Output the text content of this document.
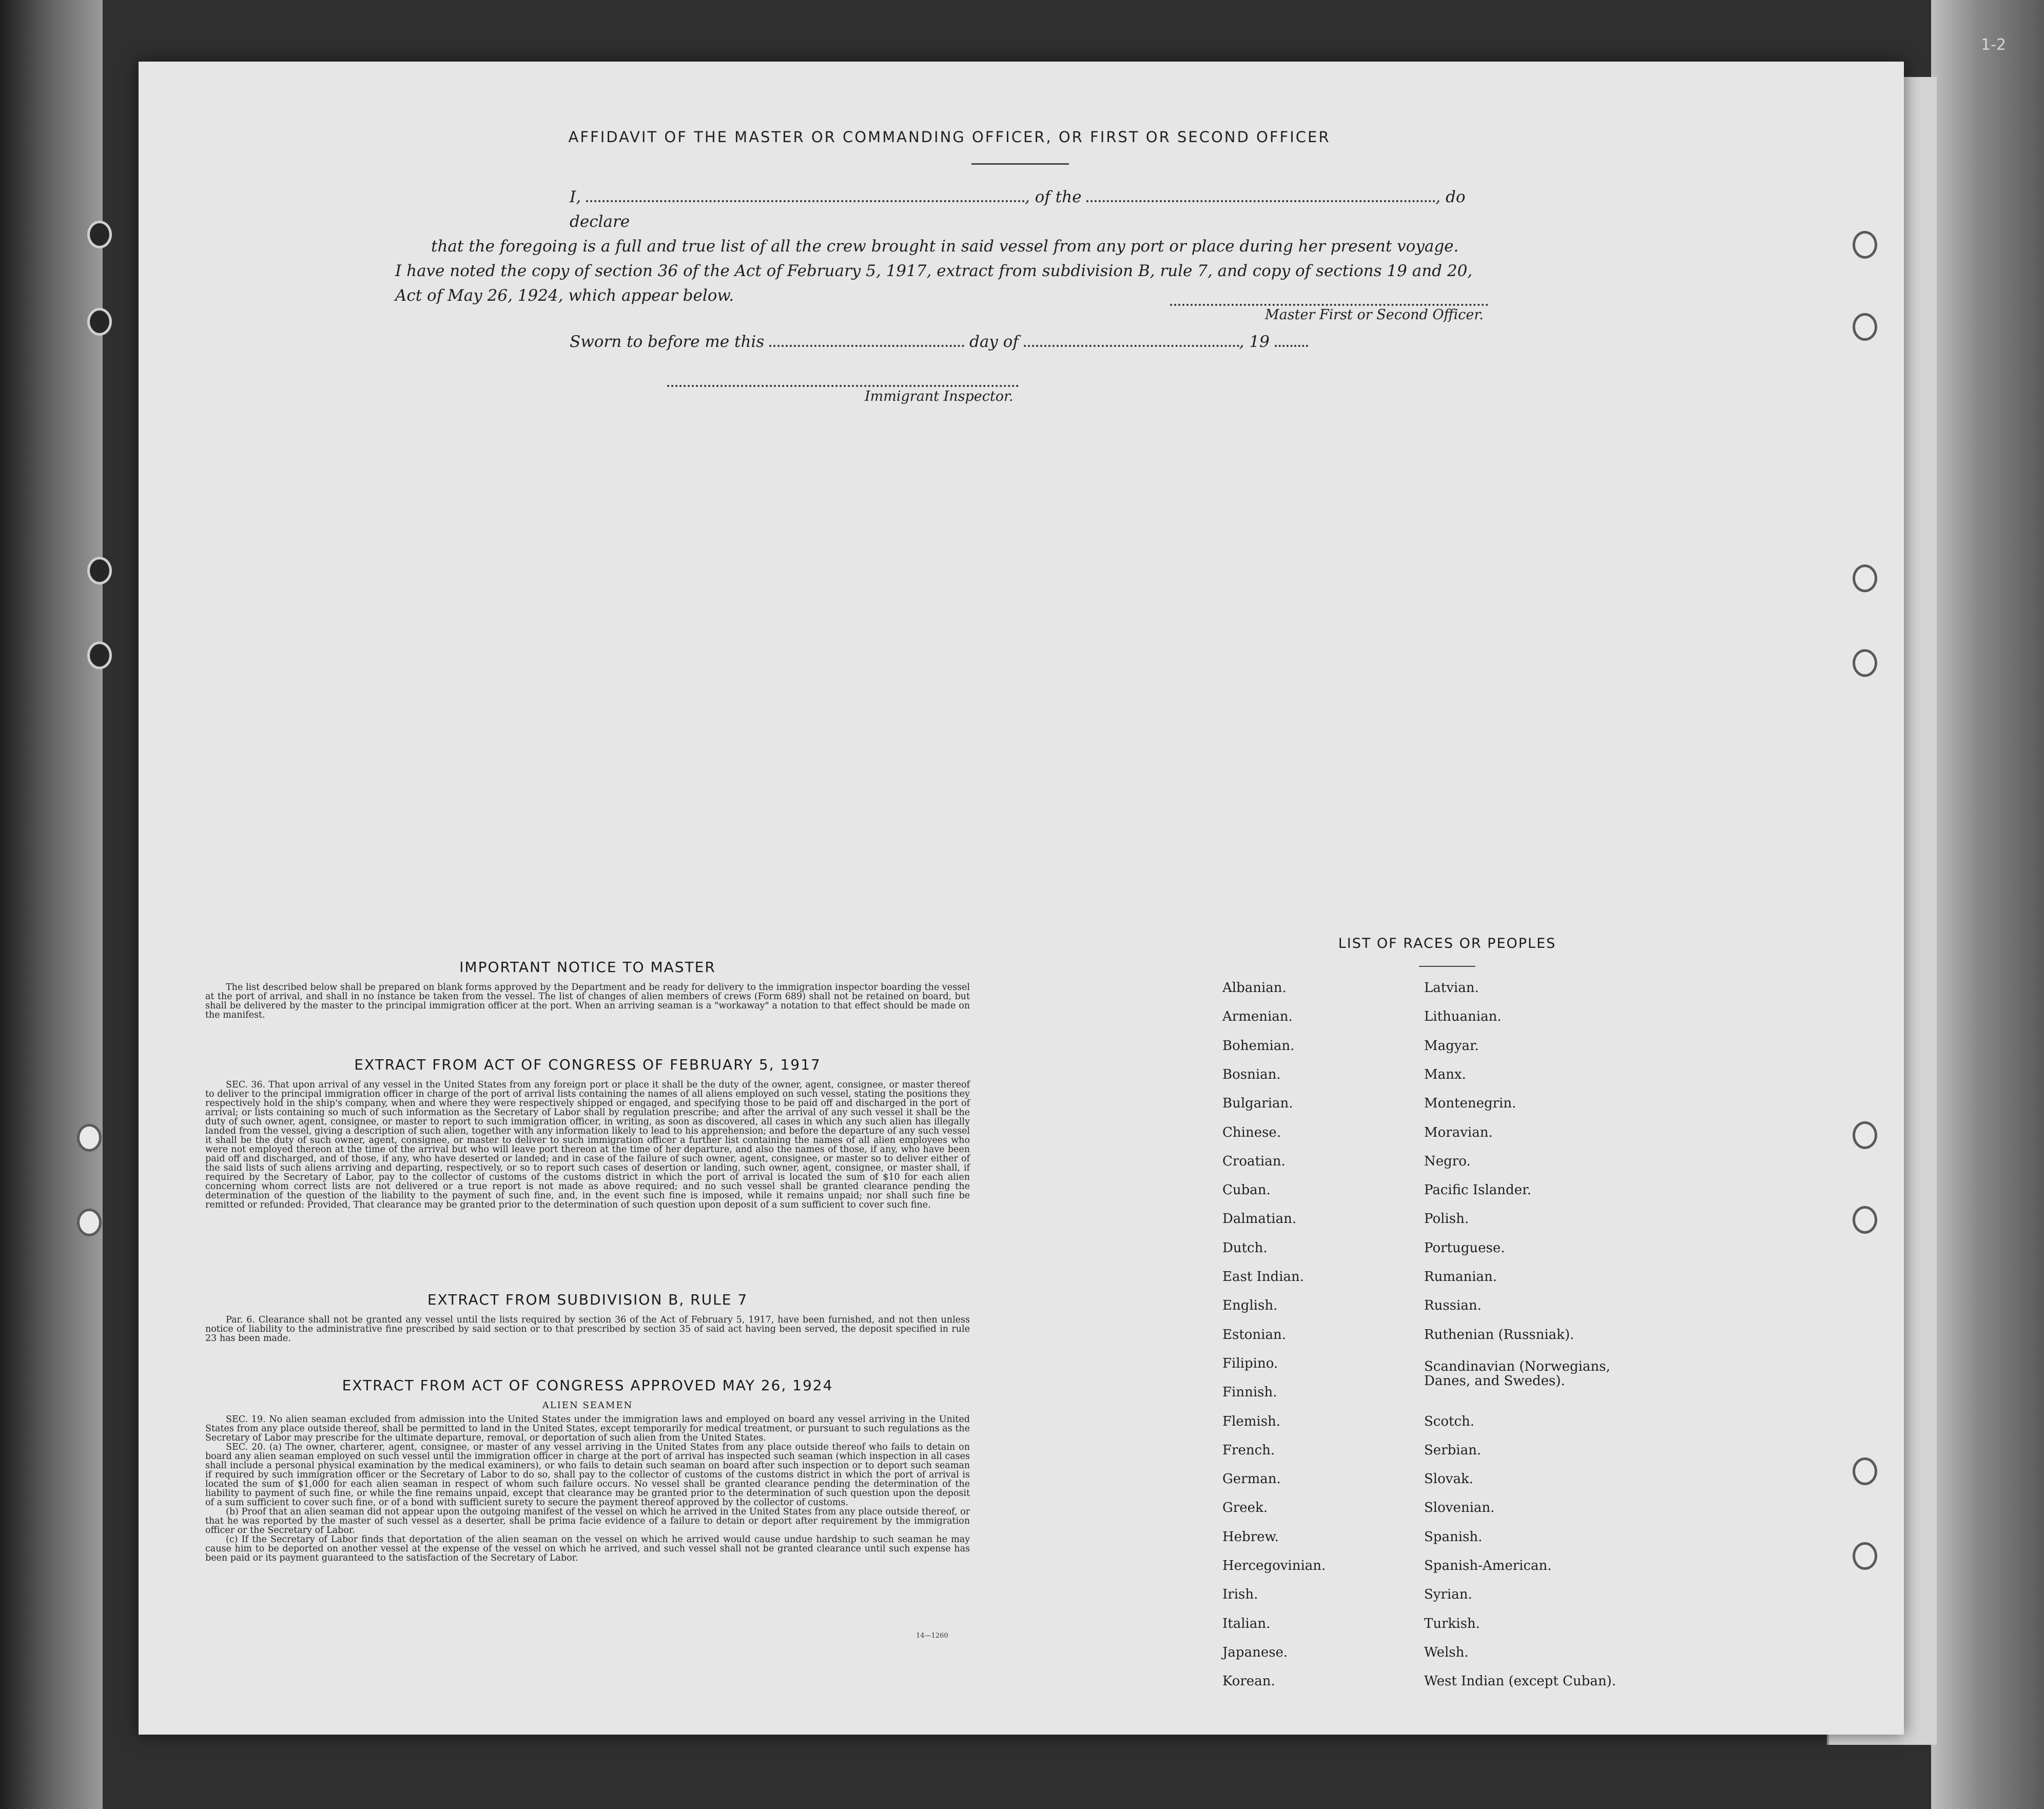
1-2
AFFIDAVIT OF THE MASTER OR COMMANDING OFFICER, OR FIRST OR SECOND OFFICER
I,	, of the	, do declare
that the foregoing is a full and true list of all the crew brought in said vessel from any port or place during her present voyage.
I have noted the copy of section 36 of the Act of February 5, 1917, extract from subdivision B, rule 7, and copy of sections 19 and 20,
Act of May 26, 1924, which appear below.
Master First or Second Officer.
Sworn to before me this	day of	, 19
Immigrant Inspector.
IMPORTANT NOTICE TO MASTER

The list described below shall be prepared on blank forms approved by the Department and be ready for delivery to the immigration inspector boarding the vessel at the port of arrival, and shall in no instance be taken from the vessel. The list of changes of alien members of crews (Form 689) shall not be retained on board, but shall be delivered by the master to the principal immigration officer at the port. When an arriving seaman is a "workaway" a notation to that effect should be made on the manifest.

EXTRACT FROM ACT OF CONGRESS OF FEBRUARY 5, 1917

SEC. 36. That upon arrival of any vessel in the United States from any foreign port or place it shall be the duty of the owner, agent, consignee, or master thereof to deliver to the principal immigration officer in charge of the port of arrival lists containing the names of all aliens employed on such vessel, stating the positions they respectively hold in the ship's company, when and where they were respectively shipped or engaged, and specifying those to be paid off and discharged in the port of arrival; or lists containing so much of such information as the Secretary of Labor shall by regulation prescribe; and after the arrival of any such vessel it shall be the duty of such owner, agent, consignee, or master to report to such immigration officer, in writing, as soon as discovered, all cases in which any such alien has illegally landed from the vessel, giving a description of such alien, together with any information likely to lead to his apprehension; and before the departure of any such vessel it shall be the duty of such owner, agent, consignee, or master to deliver to such immigration officer a further list containing the names of all alien employees who were not employed thereon at the time of the arrival but who will leave port thereon at the time of her departure, and also the names of those, if any, who have been paid off and discharged, and of those, if any, who have deserted or landed; and in case of the failure of such owner, agent, consignee, or master so to deliver either of the said lists of such aliens arriving and departing, respectively, or so to report such cases of desertion or landing, such owner, agent, consignee, or master shall, if required by the Secretary of Labor, pay to the collector of customs of the customs district in which the port of arrival is located the sum of $10 for each alien concerning whom correct lists are not delivered or a true report is not made as above required; and no such vessel shall be granted clearance pending the determination of the question of the liability to the payment of such fine, and, in the event such fine is imposed, while it remains unpaid; nor shall such fine be remitted or refunded: Provided, That clearance may be granted prior to the determination of such question upon deposit of a sum sufficient to cover such fine.

EXTRACT FROM SUBDIVISION B, RULE 7

Par. 6. Clearance shall not be granted any vessel until the lists required by section 36 of the Act of February 5, 1917, have been furnished, and not then unless notice of liability to the administrative fine prescribed by said section or to that prescribed by section 35 of said act having been served, the deposit specified in rule 23 has been made.

EXTRACT FROM ACT OF CONGRESS APPROVED MAY 26, 1924
ALIEN SEAMEN

SEC. 19. No alien seaman excluded from admission into the United States under the immigration laws and employed on board any vessel arriving in the United States from any place outside thereof, shall be permitted to land in the United States, except temporarily for medical treatment, or pursuant to such regulations as the Secretary of Labor may prescribe for the ultimate departure, removal, or deportation of such alien from the United States.

SEC. 20. (a) The owner, charterer, agent, consignee, or master of any vessel arriving in the United States from any place outside thereof who fails to detain on board any alien seaman employed on such vessel until the immigration officer in charge at the port of arrival has inspected such seaman (which inspection in all cases shall include a personal physical examination by the medical examiners), or who fails to detain such seaman on board after such inspection or to deport such seaman if required by such immigration officer or the Secretary of Labor to do so, shall pay to the collector of customs of the customs district in which the port of arrival is located the sum of $1,000 for each alien seaman in respect of whom such failure occurs. No vessel shall be granted clearance pending the determination of the liability to payment of such fine, or while the fine remains unpaid, except that clearance may be granted prior to the determination of such question upon the deposit of a sum sufficient to cover such fine, or of a bond with sufficient surety to secure the payment thereof approved by the collector of customs.

(b) Proof that an alien seaman did not appear upon the outgoing manifest of the vessel on which he arrived in the United States from any place outside thereof, or that he was reported by the master of such vessel as a deserter, shall be prima facie evidence of a failure to detain or deport after requirement by the immigration officer or the Secretary of Labor.

(c) If the Secretary of Labor finds that deportation of the alien seaman on the vessel on which he arrived would cause undue hardship to such seaman he may cause him to be deported on another vessel at the expense of the vessel on which he arrived, and such vessel shall not be granted clearance until such expense has been paid or its payment guaranteed to the satisfaction of the Secretary of Labor.

14—1260
LIST OF RACES OR PEOPLES
Albanian.
Armenian.
Bohemian.
Bosnian.
Bulgarian.
Chinese.
Croatian.
Cuban.
Dalmatian.
Dutch.
East Indian.
English.
Estonian.
Filipino.
Finnish.
Flemish.
French.
German.
Greek.
Hebrew.
Hercegovinian.
Irish.
Italian.
Japanese.
Korean.
Latvian.
Lithuanian.
Magyar.
Manx.
Montenegrin.
Moravian.
Negro.
Pacific Islander.
Polish.
Portuguese.
Rumanian.
Russian.
Ruthenian (Russniak).
Scandinavian (Norwegians,
Danes, and Swedes).
Scotch.
Serbian.
Slovak.
Slovenian.
Spanish.
Spanish-American.
Syrian.
Turkish.
Welsh.
West Indian (except Cuban).
